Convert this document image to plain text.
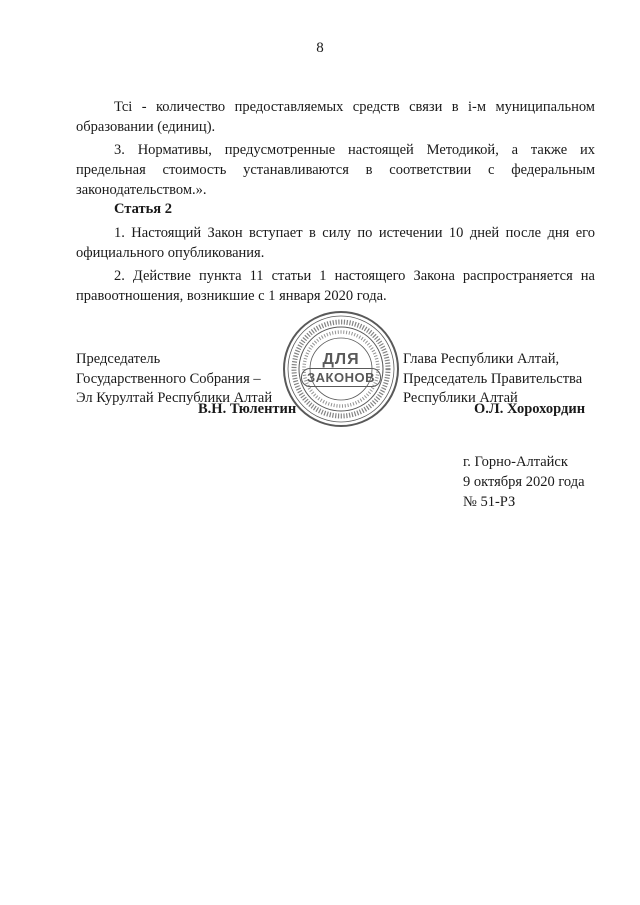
8

Tci - количество предоставляемых средств связи в i-м муниципальном образовании (единиц).

3. Нормативы, предусмотренные настоящей Методикой, а также их предельная стоимость устанавливаются в соответствии с федеральным законодательством.».

Статья 2

1. Настоящий Закон вступает в силу по истечении 10 дней после дня его официального опубликования.

2. Действие пункта 11 статьи 1 настоящего Закона распространяется на правоотношения, возникшие с 1 января 2020 года.

Председатель
Государственного Собрания –
Эл Курултай Республики Алтай
В.Н. Тюлентин
Глава Республики Алтай,
Председатель Правительства
Республики Алтай
О.Л. Хорохордин
ДЛЯ
ЗАКОНОВ
г. Горно-Алтайск
9 октября 2020 года
№ 51-РЗ
